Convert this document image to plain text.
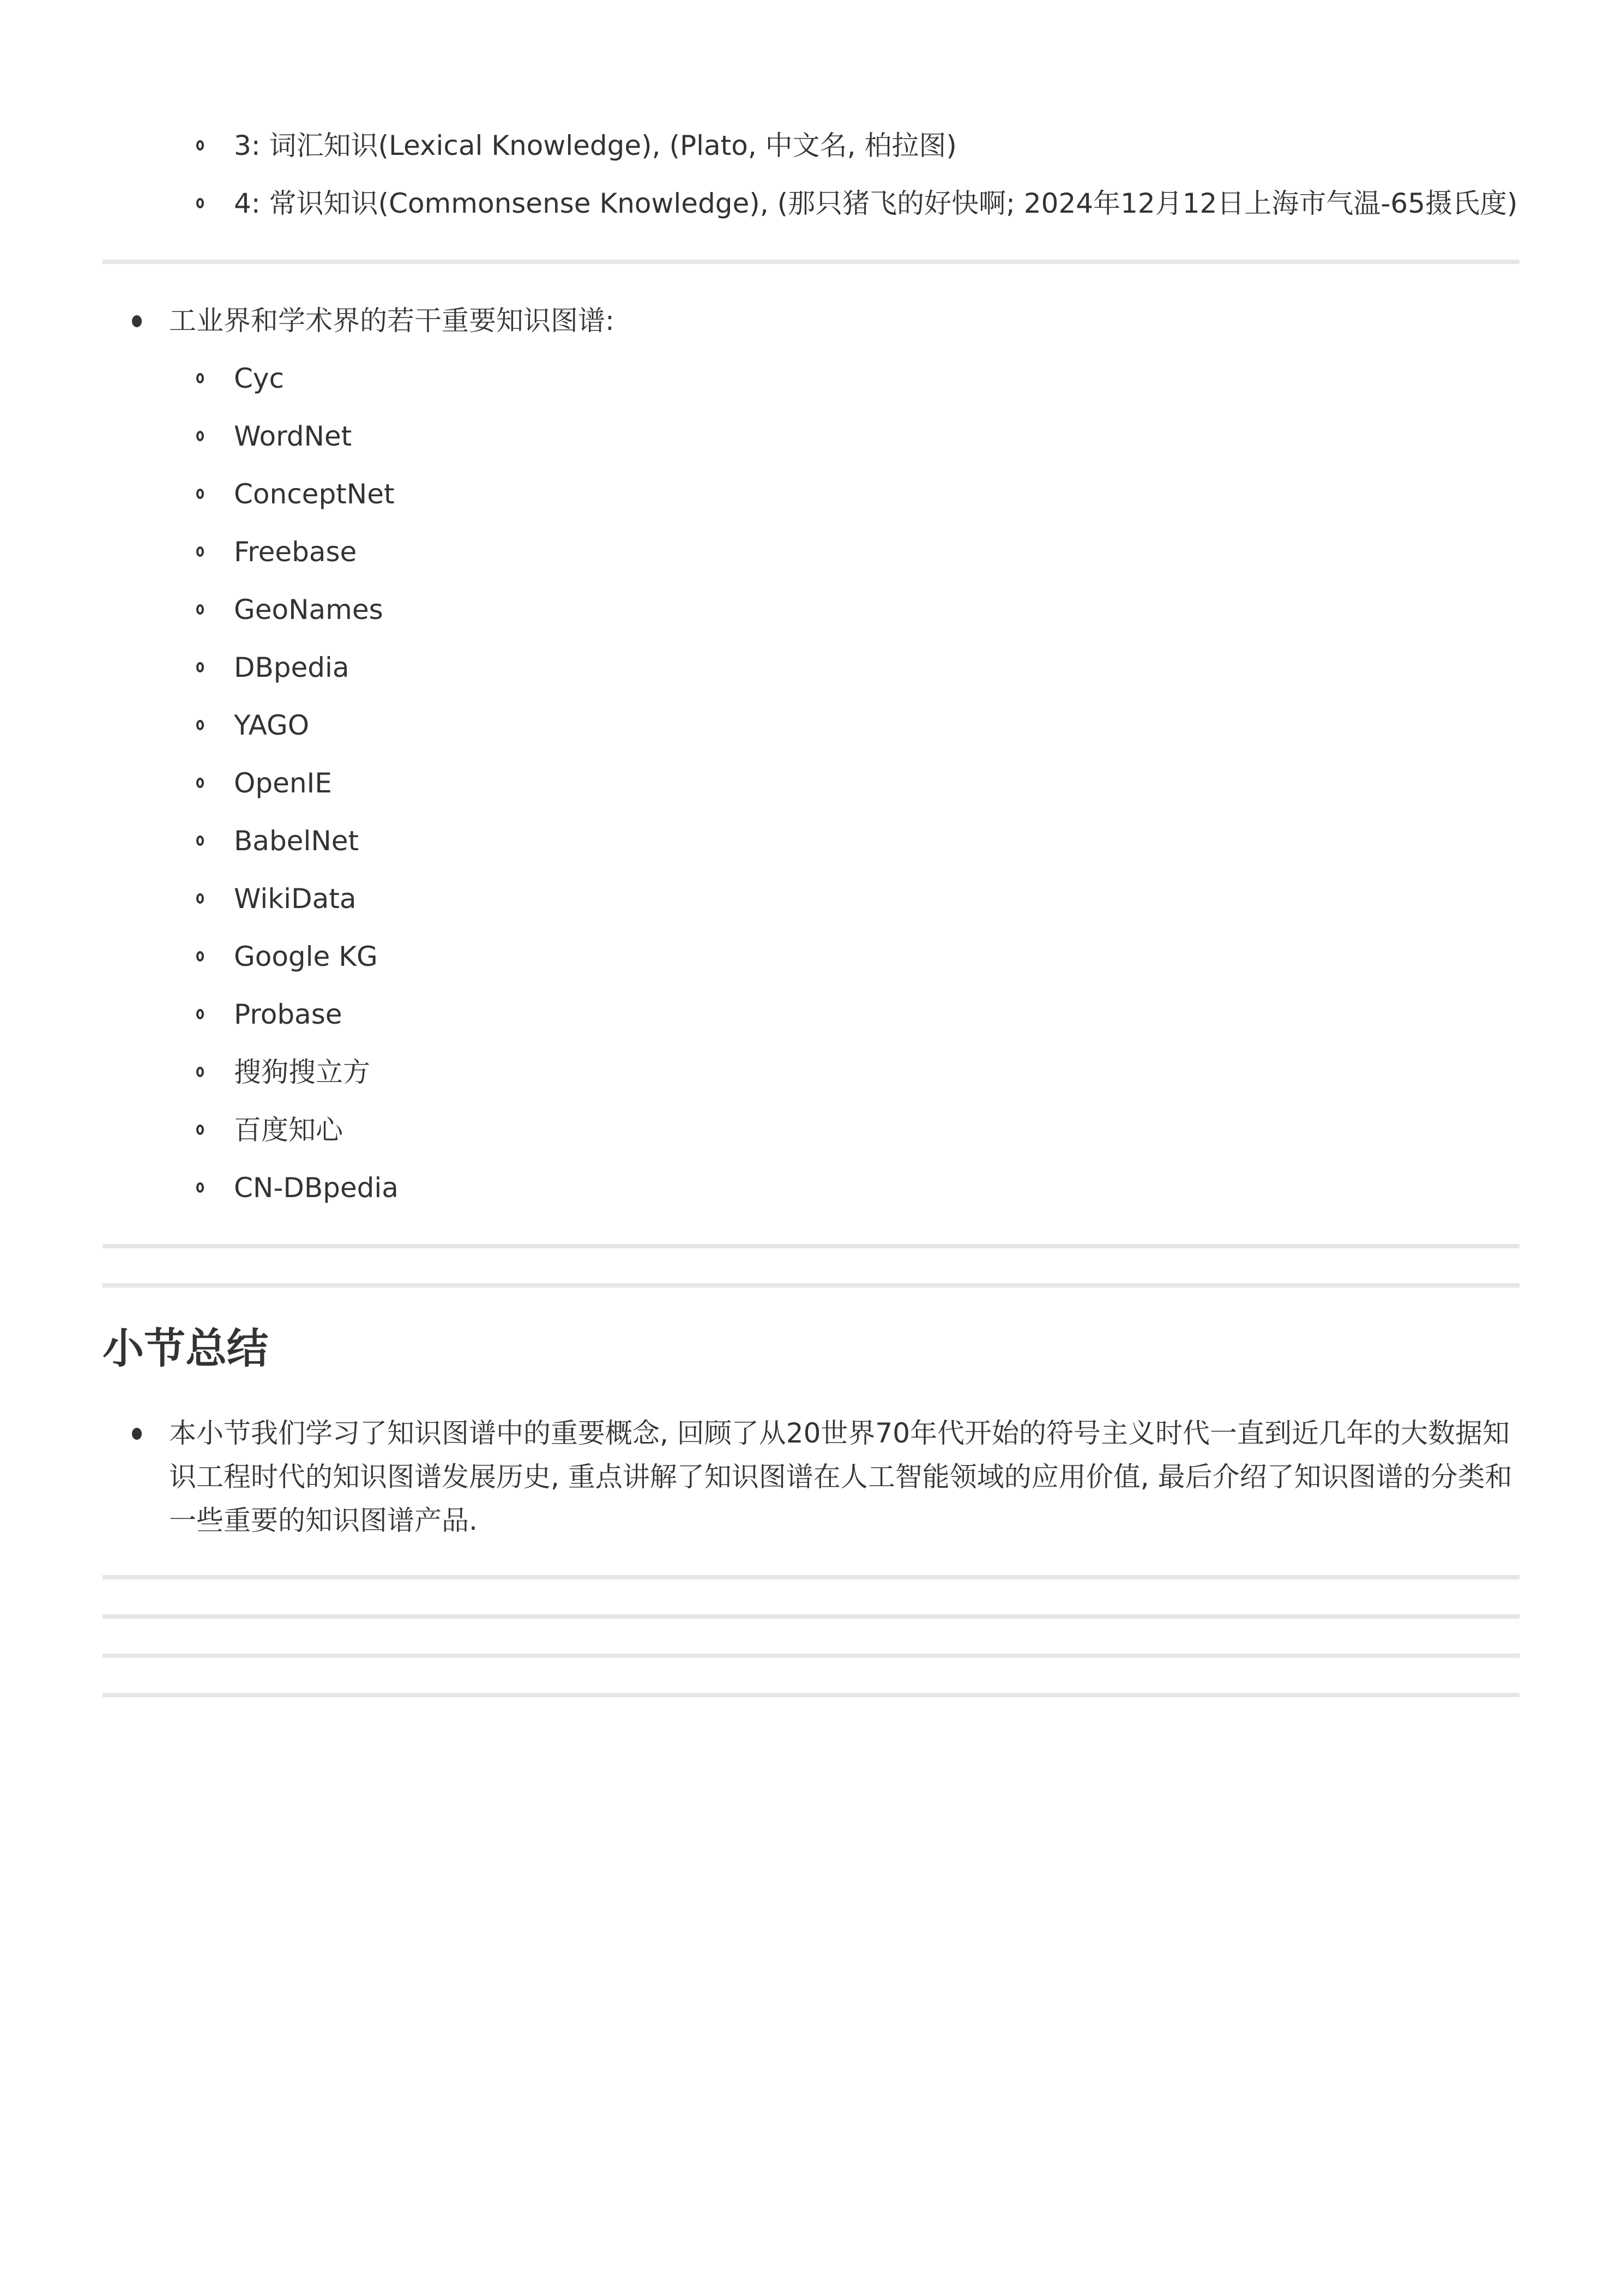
3: 词汇知识(Lexical Knowledge), (Plato, 中文名, 柏拉图)
4: 常识知识(Commonsense Knowledge), (那只猪飞的好快啊; 2024年12月12日上海市气温-65摄氏度)
工业界和学术界的若干重要知识图谱:
Cyc
WordNet
ConceptNet
Freebase
GeoNames
DBpedia
YAGO
OpenIE
BabelNet
WikiData
Google KG
Probase
搜狗搜立方
百度知心
CN-DBpedia
小节总结
本小节我们学习了知识图谱中的重要概念, 回顾了从20世界70年代开始的符号主义时代一直到近几年的大数据知识工程时代的知识图谱发展历史, 重点讲解了知识图谱在人工智能领域的应用价值, 最后介绍了知识图谱的分类和一些重要的知识图谱产品.
